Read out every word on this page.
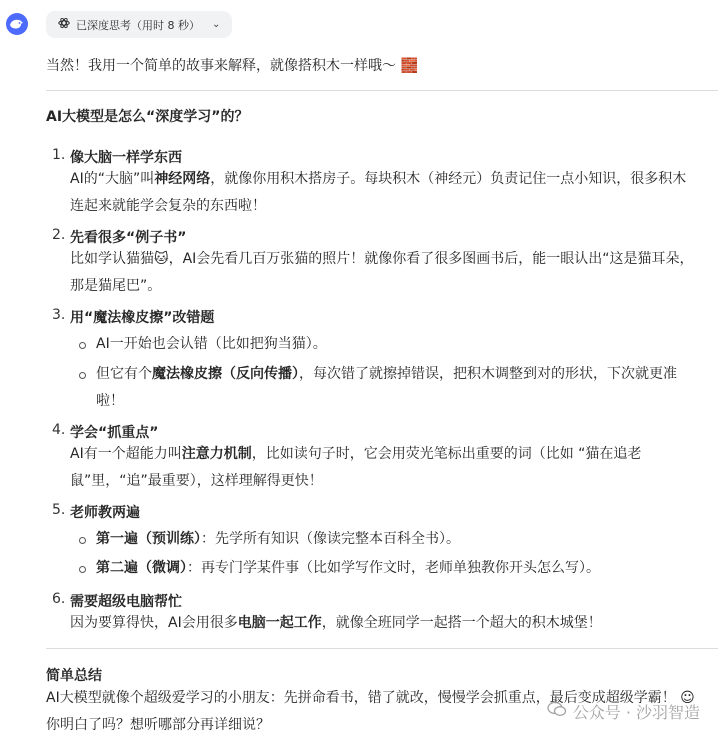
已深度思考（用时 8 秒） ⌄
当然！我用一个简单的故事来解释，就像搭积木一样哦～ 🧱
AI大模型是怎么“深度学习”的？
1. 像大脑一样学东西
AI的“大脑”叫神经网络，就像你用积木搭房子。每块积木（神经元）负责记住一点小知识，很多积木
连起来就能学会复杂的东西啦！
2. 先看很多“例子书”
比如学认猫猫🐱，AI会先看几百万张猫的照片！就像你看了很多图画书后，能一眼认出“这是猫耳朵，
那是猫尾巴”。
3. 用“魔法橡皮擦”改错题
AI一开始也会认错（比如把狗当猫）。
但它有个魔法橡皮擦（反向传播），每次错了就擦掉错误，把积木调整到对的形状，下次就更准
啦！
4. 学会“抓重点”
AI有一个超能力叫注意力机制，比如读句子时，它会用荧光笔标出重要的词（比如 “猫在追老
鼠”里，“追”最重要），这样理解得更快！
5. 老师教两遍
第一遍（预训练）：先学所有知识（像读完整本百科全书）。
第二遍（微调）：再专门学某件事（比如学写作文时，老师单独教你开头怎么写）。
6. 需要超级电脑帮忙
因为要算得快，AI会用很多电脑一起工作，就像全班同学一起搭一个超大的积木城堡！
简单总结
AI大模型就像个超级爱学习的小朋友：先拼命看书，错了就改，慢慢学会抓重点，最后变成超级学霸！ ☺
你明白了吗？想听哪部分再详细说？
公众号 · 沙羽智造
